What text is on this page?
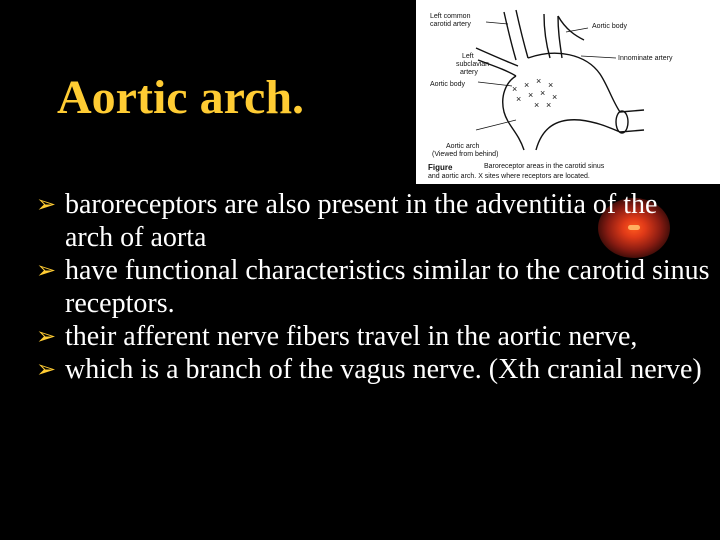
Aortic arch.	× × × ×
× × × ×
× ×
Left common
carotid artery	Aortic body
Innominate artery
Left
subclavian
artery
Aortic body
Aortic arch
(Viewed from behind)
Figure	Baroreceptor areas in the carotid sinus
and aortic arch. X sites where receptors are located.
➢ baroreceptors are also present in the adventitia of the arch of aorta
➢ have functional characteristics similar to the carotid sinus receptors.
➢ their afferent nerve fibers travel in the aortic nerve,
➢ which is a branch of the vagus nerve. (Xth cranial nerve)
